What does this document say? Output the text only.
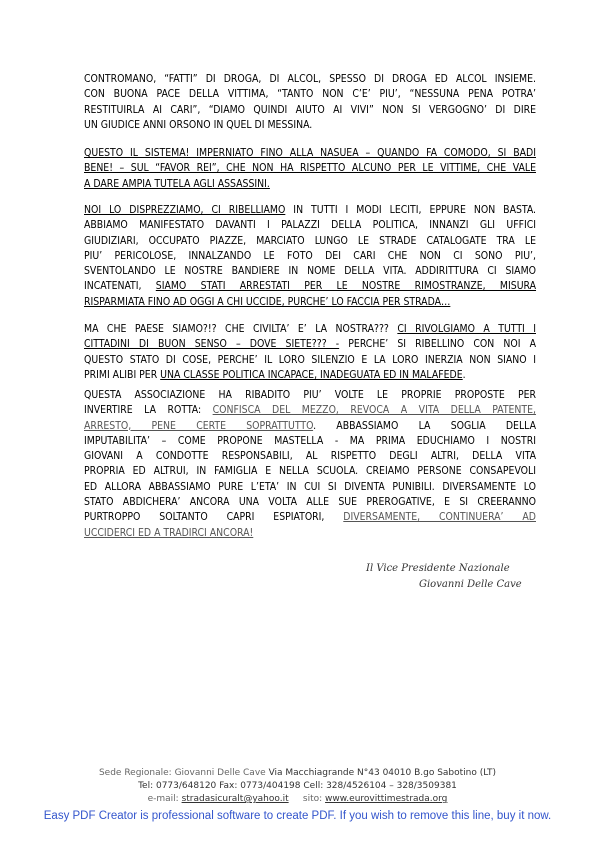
CONTROMANO, “FATTI” DI DROGA, DI ALCOL, SPESSO DI DROGA ED ALCOL INSIEME.
CON BUONA PACE DELLA VITTIMA, “TANTO NON C’E’ PIU’, “NESSUNA PENA POTRA’
RESTITUIRLA AI CARI”, “DIAMO QUINDI AIUTO AI VIVI” NON SI VERGOGNO’ DI DIRE
UN GIUDICE ANNI ORSONO IN QUEL DI MESSINA.
QUESTO IL SISTEMA! IMPERNIATO FINO ALLA NASUEA – QUANDO FA COMODO, SI BADI
BENE! – SUL “FAVOR REI”, CHE NON HA RISPETTO ALCUNO PER LE VITTIME, CHE VALE
A DARE AMPIA TUTELA AGLI ASSASSINI.
NOI LO DISPREZZIAMO, CI RIBELLIAMO IN TUTTI I MODI LECITI, EPPURE NON BASTA.
ABBIAMO MANIFESTATO DAVANTI I PALAZZI DELLA POLITICA, INNANZI GLI UFFICI
GIUDIZIARI, OCCUPATO PIAZZE, MARCIATO LUNGO LE STRADE CATALOGATE TRA LE
PIU’ PERICOLOSE, INNALZANDO LE FOTO DEI CARI CHE NON CI SONO PIU’,
SVENTOLANDO LE NOSTRE BANDIERE IN NOME DELLA VITA. ADDIRITTURA CI SIAMO
INCATENATI, SIAMO STATI ARRESTATI PER LE NOSTRE RIMOSTRANZE, MISURA
RISPARMIATA FINO AD OGGI A CHI UCCIDE, PURCHE’ LO FACCIA PER STRADA…
MA CHE PAESE SIAMO?!? CHE CIVILTA’ E’ LA NOSTRA??? CI RIVOLGIAMO A TUTTI I
CITTADINI DI BUON SENSO – DOVE SIETE??? - PERCHE’ SI RIBELLINO CON NOI A
QUESTO STATO DI COSE, PERCHE’ IL LORO SILENZIO E LA LORO INERZIA NON SIANO I
PRIMI ALIBI PER UNA CLASSE POLITICA INCAPACE, INADEGUATA ED IN MALAFEDE.
QUESTA ASSOCIAZIONE HA RIBADITO PIU’ VOLTE LE PROPRIE PROPOSTE PER
INVERTIRE LA ROTTA: CONFISCA DEL MEZZO, REVOCA A VITA DELLA PATENTE,
ARRESTO, PENE CERTE SOPRATTUTTO. ABBASSIAMO LA SOGLIA DELLA
IMPUTABILITA’ – COME PROPONE MASTELLA - MA PRIMA EDUCHIAMO I NOSTRI
GIOVANI A CONDOTTE RESPONSABILI, AL RISPETTO DEGLI ALTRI, DELLA VITA
PROPRIA ED ALTRUI, IN FAMIGLIA E NELLA SCUOLA. CREIAMO PERSONE CONSAPEVOLI
ED ALLORA ABBASSIAMO PURE L’ETA’ IN CUI SI DIVENTA PUNIBILI. DIVERSAMENTE LO
STATO ABDICHERA’ ANCORA UNA VOLTA ALLE SUE PREROGATIVE, E SI CREERANNO
PURTROPPO SOLTANTO CAPRI ESPIATORI, DIVERSAMENTE, CONTINUERA’ AD
UCCIDERCI ED A TRADIRCI ANCORA!
Il Vice Presidente Nazionale
Giovanni Delle Cave
Sede Regionale: Giovanni Delle Cave Via Macchiagrande N°43 04010 B.go Sabotino (LT)
Tel: 0773/648120 Fax: 0773/404198 Cell: 328/4526104 – 328/3509381
e-mail: stradasicuralt@yahoo.it     sito: www.eurovittimestrada.org
Easy PDF Creator is professional software to create PDF. If you wish to remove this line, buy it now.
